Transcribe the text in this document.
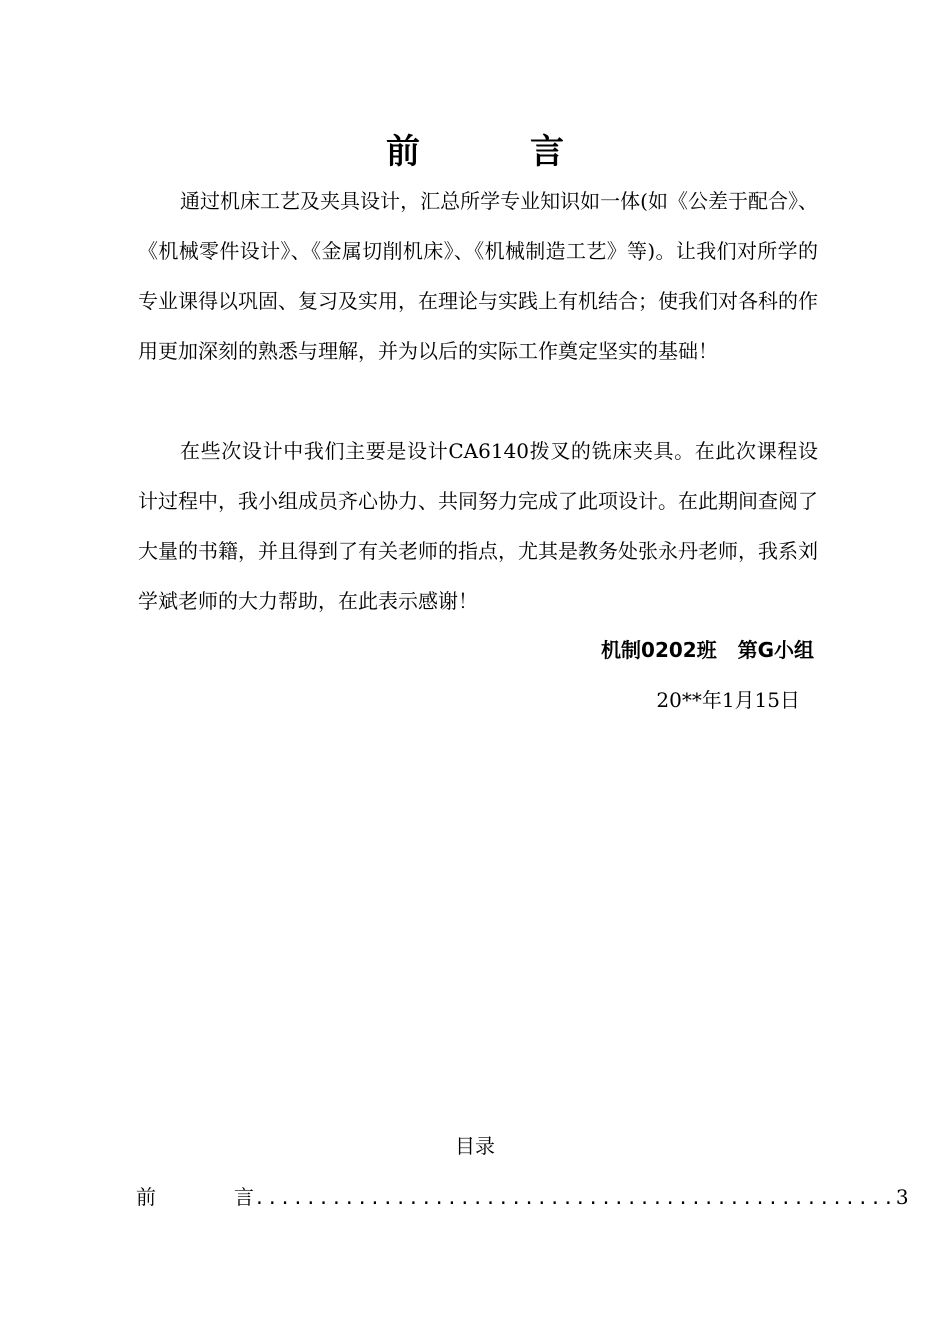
前言

通过机床工艺及夹具设计，汇总所学专业知识如一体(如《公差于配合》、《机械零件设计》、《金属切削机床》、《机械制造工艺》等)。让我们对所学的专业课得以巩固、复习及实用，在理论与实践上有机结合；使我们对各科的作用更加深刻的熟悉与理解，并为以后的实际工作奠定坚实的基础！

在些次设计中我们主要是设计CA6140拨叉的铣床夹具。在此次课程设计过程中，我小组成员齐心协力、共同努力完成了此项设计。在此期间查阅了大量的书籍，并且得到了有关老师的指点，尤其是教务处张永丹老师，我系刘学斌老师的大力帮助，在此表示感谢！

机制0202班   第G小组
20**年1月15日
目录
前	言 .................................................. 3
